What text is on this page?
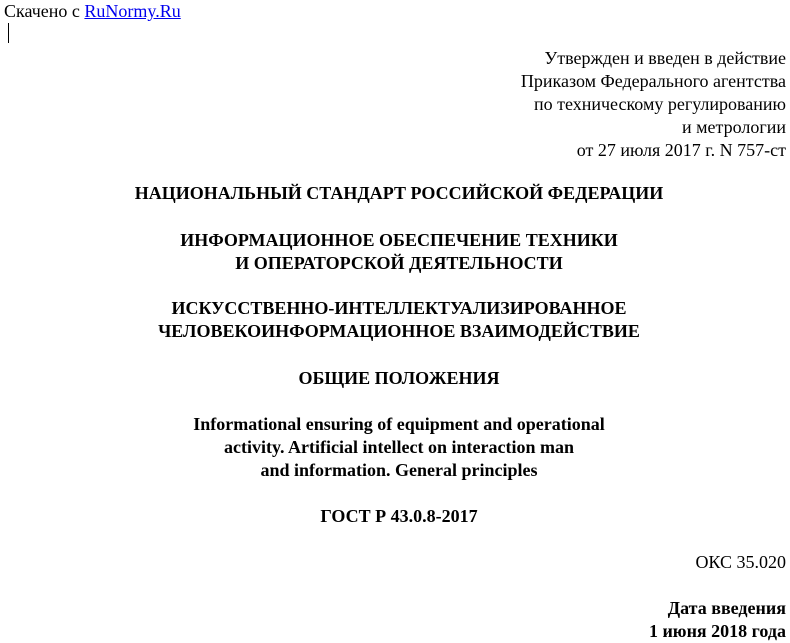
Скачено с RuNormy.Ru
Утвержден и введен в действие
Приказом Федерального агентства
по техническому регулированию
и метрологии
от 27 июля 2017 г. N 757-ст
НАЦИОНАЛЬНЫЙ СТАНДАРТ РОССИЙСКОЙ ФЕДЕРАЦИИ
ИНФОРМАЦИОННОЕ ОБЕСПЕЧЕНИЕ ТЕХНИКИ
И ОПЕРАТОРСКОЙ ДЕЯТЕЛЬНОСТИ
ИСКУССТВЕННО-ИНТЕЛЛЕКТУАЛИЗИРОВАННОЕ
ЧЕЛОВЕКОИНФОРМАЦИОННОЕ ВЗАИМОДЕЙСТВИЕ
ОБЩИЕ ПОЛОЖЕНИЯ
Informational ensuring of equipment and operational
activity. Artificial intellect on interaction man
and information. General principles
ГОСТ Р 43.0.8-2017
ОКС 35.020
Дата введения
1 июня 2018 года
